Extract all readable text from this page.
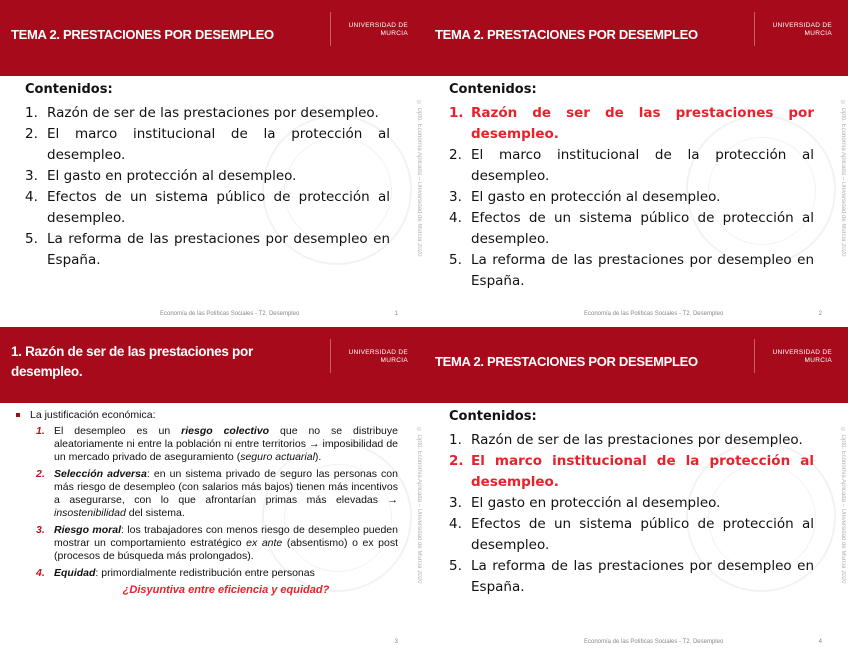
TEMA 2. PRESTACIONES POR DESEMPLEO
UNIVERSIDAD DE
MURCIA
© Dpto. Economía Aplicada – Universidad de Murcia 2020
Contenidos:
1. Razón de ser de las prestaciones por desempleo.
2. El marco institucional de la protección al desempleo.
3. El gasto en protección al desempleo.
4. Efectos de un sistema público de protección al desempleo.
5. La reforma de las prestaciones por desempleo en España.
Economía de las Políticas Sociales - T2. Desempleo	1
TEMA 2. PRESTACIONES POR DESEMPLEO
UNIVERSIDAD DE
MURCIA
© Dpto. Economía Aplicada – Universidad de Murcia 2020
Contenidos:
1. Razón de ser de las prestaciones por desempleo.
2. El marco institucional de la protección al desempleo.
3. El gasto en protección al desempleo.
4. Efectos de un sistema público de protección al desempleo.
5. La reforma de las prestaciones por desempleo en España.
Economía de las Políticas Sociales - T2. Desempleo	2
1. Razón de ser de las prestaciones por desempleo.
UNIVERSIDAD DE
MURCIA
© Dpto. Economía Aplicada – Universidad de Murcia 2020
La justificación económica:
1. El desempleo es un riesgo colectivo que no se distribuye aleatoriamente ni entre la población ni entre territorios → imposibilidad de un mercado privado de aseguramiento (seguro actuarial).
2. Selección adversa: en un sistema privado de seguro las personas con más riesgo de desempleo (con salarios más bajos) tienen más incentivos a asegurarse, con lo que afrontarían primas más elevadas → insostenibilidad del sistema.
3. Riesgo moral: los trabajadores con menos riesgo de desempleo pueden mostrar un comportamiento estratégico ex ante (absentismo) o ex post (procesos de búsqueda más prolongados).
4. Equidad: primordialmente redistribución entre personas
¿Disyuntiva entre eficiencia y equidad?
3
TEMA 2. PRESTACIONES POR DESEMPLEO
UNIVERSIDAD DE
MURCIA
© Dpto. Economía Aplicada – Universidad de Murcia 2020
Contenidos:
1. Razón de ser de las prestaciones por desempleo.
2. El marco institucional de la protección al desempleo.
3. El gasto en protección al desempleo.
4. Efectos de un sistema público de protección al desempleo.
5. La reforma de las prestaciones por desempleo en España.
Economía de las Políticas Sociales - T2. Desempleo	4
